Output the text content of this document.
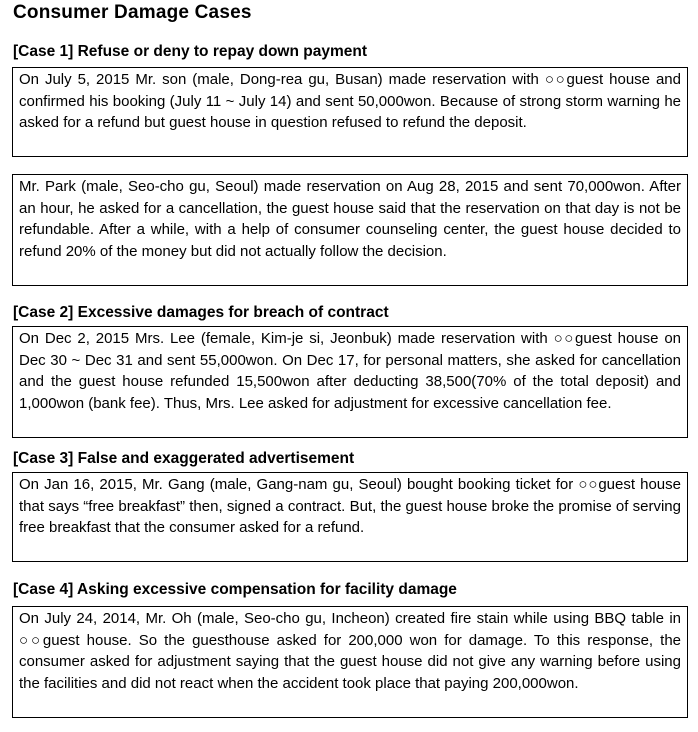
Consumer Damage Cases
[Case 1] Refuse or deny to repay down payment
On July 5, 2015 Mr. son (male, Dong-rea gu, Busan) made reservation with ○○guest house and confirmed his booking (July 11 ~ July 14) and sent 50,000won. Because of strong storm warning he asked for a refund but guest house in question refused to refund the deposit.
Mr. Park (male, Seo-cho gu, Seoul) made reservation on Aug 28, 2015 and sent 70,000won. After an hour, he asked for a cancellation, the guest house said that the reservation on that day is not be refundable. After a while, with a help of consumer counseling center, the guest house decided to refund 20% of the money but did not actually follow the decision.
[Case 2] Excessive damages for breach of contract
On Dec 2, 2015 Mrs. Lee (female, Kim-je si, Jeonbuk) made reservation with ○○guest house on Dec 30 ~ Dec 31 and sent 55,000won. On Dec 17, for personal matters, she asked for cancellation and the guest house refunded 15,500won after deducting 38,500(70% of the total deposit) and 1,000won (bank fee). Thus, Mrs. Lee asked for adjustment for excessive cancellation fee.
[Case 3] False and exaggerated advertisement
On Jan 16, 2015, Mr. Gang (male, Gang-nam gu, Seoul) bought booking ticket for ○○guest house that says “free breakfast” then, signed a contract. But, the guest house broke the promise of serving free breakfast that the consumer asked for a refund.
[Case 4] Asking excessive compensation for facility damage
On July 24, 2014, Mr. Oh (male, Seo-cho gu, Incheon) created fire stain while using BBQ table in ○○guest house. So the guesthouse asked for 200,000 won for damage. To this response, the consumer asked for adjustment saying that the guest house did not give any warning before using the facilities and did not react when the accident took place that paying 200,000won.
